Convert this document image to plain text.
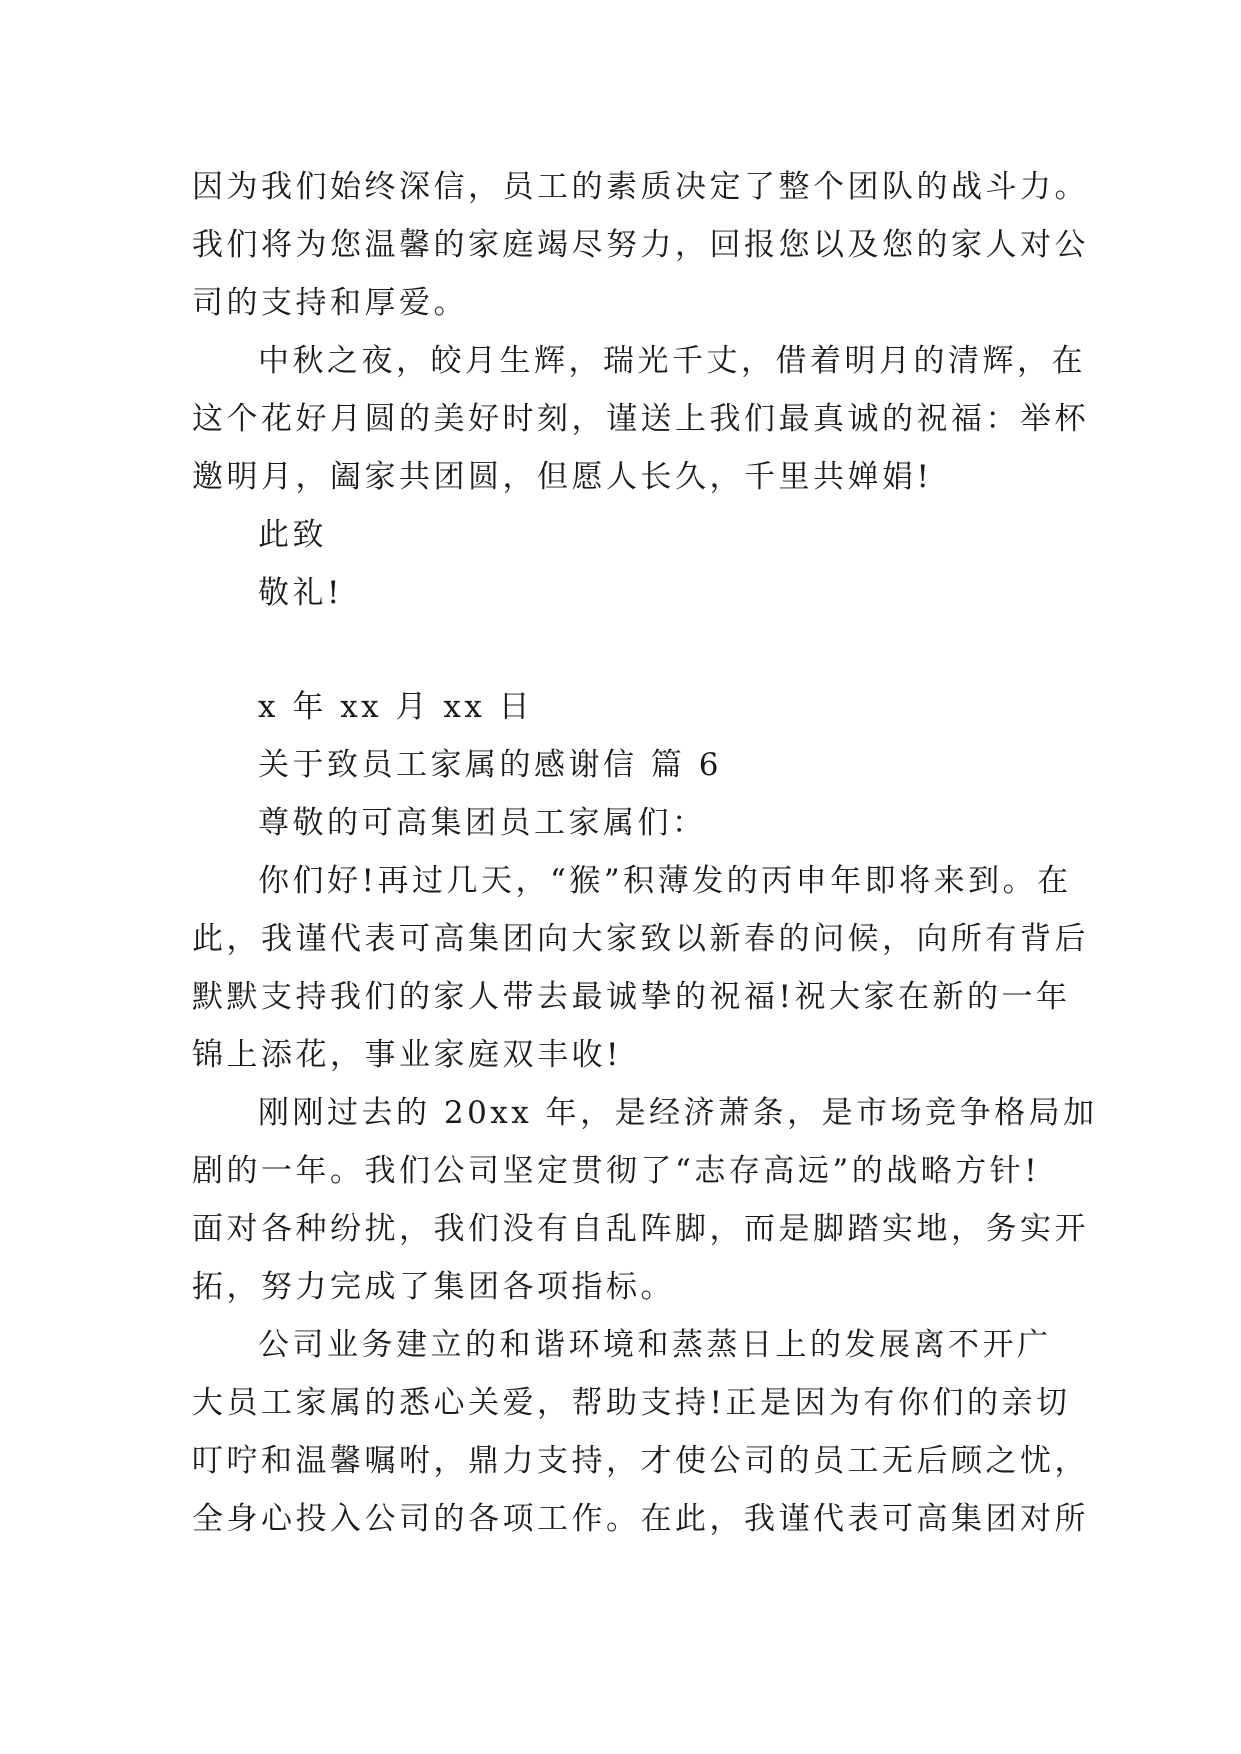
因为我们始终深信，员工的素质决定了整个团队的战斗力。
我们将为您温馨的家庭竭尽努力，回报您以及您的家人对公
司的支持和厚爱。
中秋之夜，皎月生辉，瑞光千丈，借着明月的清辉，在
这个花好月圆的美好时刻，谨送上我们最真诚的祝福：举杯
邀明月，阖家共团圆，但愿人长久，千里共婵娟!
此致
敬礼!
x 年 xx 月 xx 日
关于致员工家属的感谢信 篇 6
尊敬的可高集团员工家属们：
你们好!再过几天，“猴”积薄发的丙申年即将来到。在
此，我谨代表可高集团向大家致以新春的问候，向所有背后
默默支持我们的家人带去最诚挚的祝福!祝大家在新的一年
锦上添花，事业家庭双丰收!
刚刚过去的 20xx 年，是经济萧条，是市场竞争格局加
剧的一年。我们公司坚定贯彻了“志存高远”的战略方针!
面对各种纷扰，我们没有自乱阵脚，而是脚踏实地，务实开
拓，努力完成了集团各项指标。
公司业务建立的和谐环境和蒸蒸日上的发展离不开广
大员工家属的悉心关爱，帮助支持!正是因为有你们的亲切
叮咛和温馨嘱咐，鼎力支持，才使公司的员工无后顾之忧，
全身心投入公司的各项工作。在此，我谨代表可高集团对所
